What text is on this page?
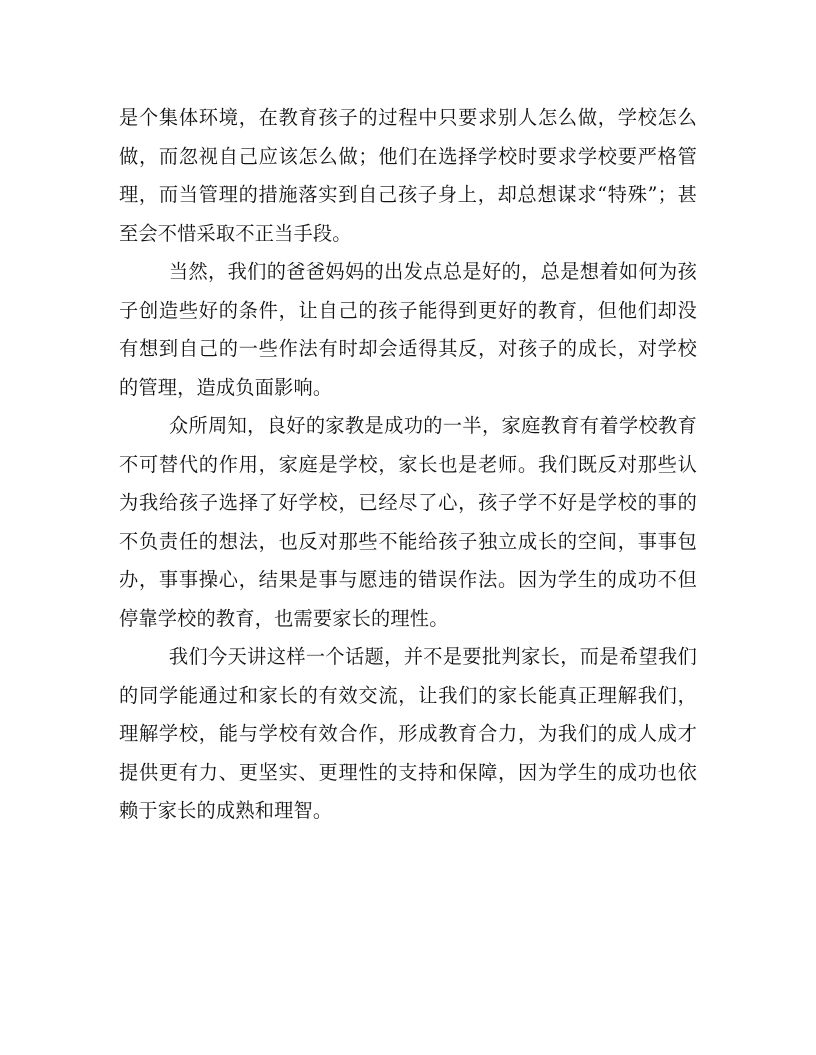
是个集体环境，在教育孩子的过程中只要求别人怎么做，学校怎么做，而忽视自己应该怎么做；他们在选择学校时要求学校要严格管理，而当管理的措施落实到自己孩子身上，却总想谋求“特殊”；甚至会不惜采取不正当手段。

当然，我们的爸爸妈妈的出发点总是好的，总是想着如何为孩子创造些好的条件，让自己的孩子能得到更好的教育，但他们却没有想到自己的一些作法有时却会适得其反，对孩子的成长，对学校的管理，造成负面影响。

众所周知，良好的家教是成功的一半，家庭教育有着学校教育不可替代的作用，家庭是学校，家长也是老师。我们既反对那些认为我给孩子选择了好学校，已经尽了心，孩子学不好是学校的事的不负责任的想法，也反对那些不能给孩子独立成长的空间，事事包办，事事操心，结果是事与愿违的错误作法。因为学生的成功不但停靠学校的教育，也需要家长的理性。

我们今天讲这样一个话题，并不是要批判家长，而是希望我们的同学能通过和家长的有效交流，让我们的家长能真正理解我们，理解学校，能与学校有效合作，形成教育合力，为我们的成人成才提供更有力、更坚实、更理性的支持和保障，因为学生的成功也依赖于家长的成熟和理智。
